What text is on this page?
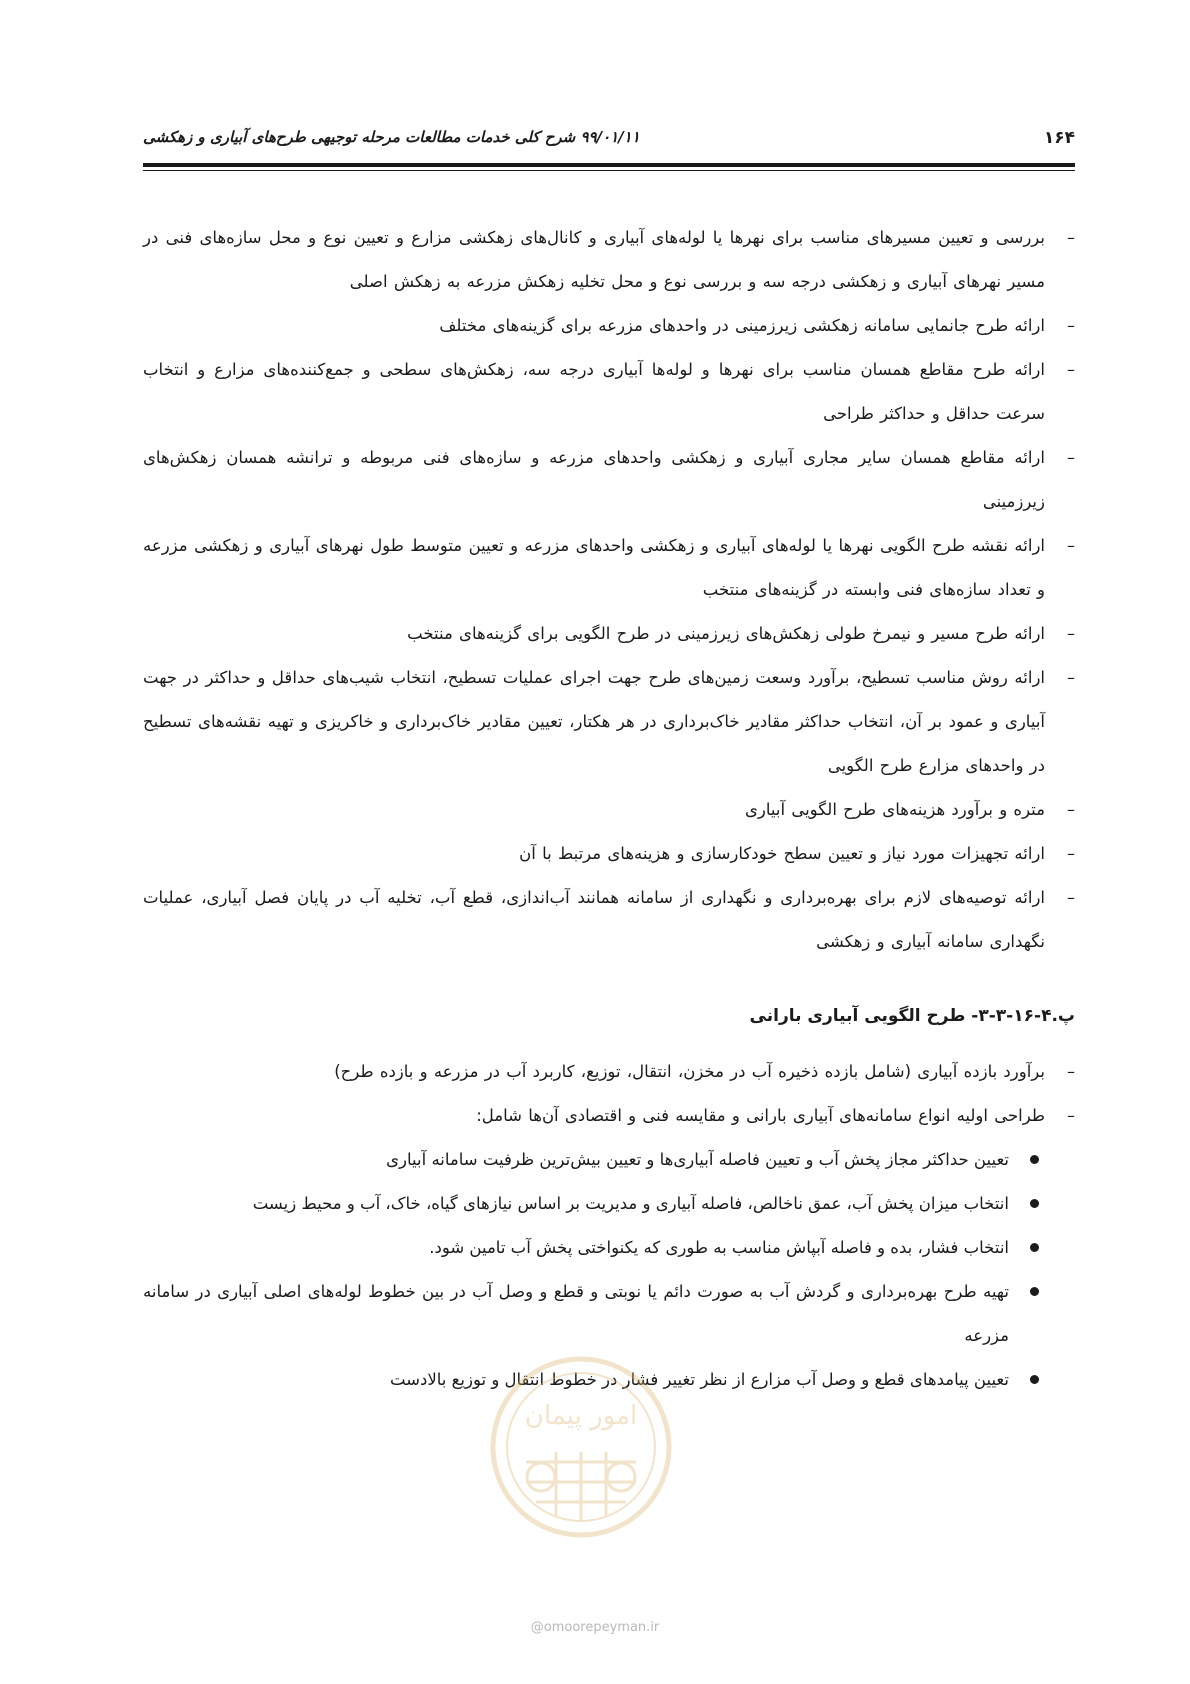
۱۶۴
۹۹/۰۱/۱۱ شرح کلی خدمات مطالعات مرحله توجیهی طرح‌های آبیاری و زهکشی
–
بررسی و تعیین مسیرهای مناسب برای نهرها یا لوله‌های آبیاری و کانال‌های زهکشی مزارع و تعیین نوع و محل سازه‌های فنی در مسیر نهرهای آبیاری و زهکشی درجه سه و بررسی نوع و محل تخلیه زهکش مزرعه به زهکش اصلی
–
ارائه طرح جانمایی سامانه زهکشی زیرزمینی در واحدهای مزرعه برای گزینه‌های مختلف
–
ارائه طرح مقاطع همسان مناسب برای نهرها و لوله‌ها آبیاری درجه سه، زهکش‌های سطحی و جمع‌کننده‌های مزارع و انتخاب سرعت حداقل و حداکثر طراحی
–
ارائه مقاطع همسان سایر مجاری آبیاری و زهکشی واحدهای مزرعه و سازه‌های فنی مربوطه و ترانشه همسان زهکش‌های زیرزمینی
–
ارائه نقشه طرح الگویی نهرها یا لوله‌های آبیاری و زهکشی واحدهای مزرعه و تعیین متوسط طول نهرهای آبیاری و زهکشی مزرعه و تعداد سازه‌های فنی وابسته در گزینه‌های منتخب
–
ارائه طرح مسیر و نیمرخ طولی زهکش‌های زیرزمینی در طرح الگویی برای گزینه‌های منتخب
–
ارائه روش مناسب تسطیح، برآورد وسعت زمین‌های طرح جهت اجرای عملیات تسطیح، انتخاب شیب‌های حداقل و حداکثر در جهت آبیاری و عمود بر آن، انتخاب حداکثر مقادیر خاک‌برداری در هر هکتار، تعیین مقادیر خاک‌برداری و خاکریزی و تهیه نقشه‌های تسطیح در واحدهای مزارع طرح الگویی
–
متره و برآورد هزینه‌های طرح الگویی آبیاری
–
ارائه تجهیزات مورد نیاز و تعیین سطح خودکارسازی و هزینه‌های مرتبط با آن
–
ارائه توصیه‌های لازم برای بهره‌برداری و نگهداری از سامانه همانند آب‌اندازی، قطع آب، تخلیه آب در پایان فصل آبیاری، عملیات نگهداری سامانه آبیاری و زهکشی
پ.۴-۱۶-۳-۳- طرح الگویی آبیاری بارانی
–
برآورد بازده آبیاری (شامل بازده ذخیره آب در مخزن، انتقال، توزیع، کاربرد آب در مزرعه و بازده طرح)
–
طراحی اولیه انواع سامانه‌های آبیاری بارانی و مقایسه فنی و اقتصادی آن‌ها شامل:
تعیین حداکثر مجاز پخش آب و تعیین فاصله آبیاری‌ها و تعیین بیش‌ترین ظرفیت سامانه آبیاری
انتخاب میزان پخش آب، عمق ناخالص، فاصله آبیاری و مدیریت بر اساس نیازهای گیاه، خاک، آب و محیط زیست
انتخاب فشار، بده و فاصله آبپاش مناسب به طوری که یکنواختی پخش آب تامین شود.
تهیه طرح بهره‌برداری و گردش آب به صورت دائم یا نوبتی و قطع و وصل آب در بین خطوط لوله‌های اصلی آبیاری در سامانه مزرعه
تعیین پیامدهای قطع و وصل آب مزارع از نظر تغییر فشار در خطوط انتقال و توزیع بالادست
امور پیمان
@omoorepeyman.ir
